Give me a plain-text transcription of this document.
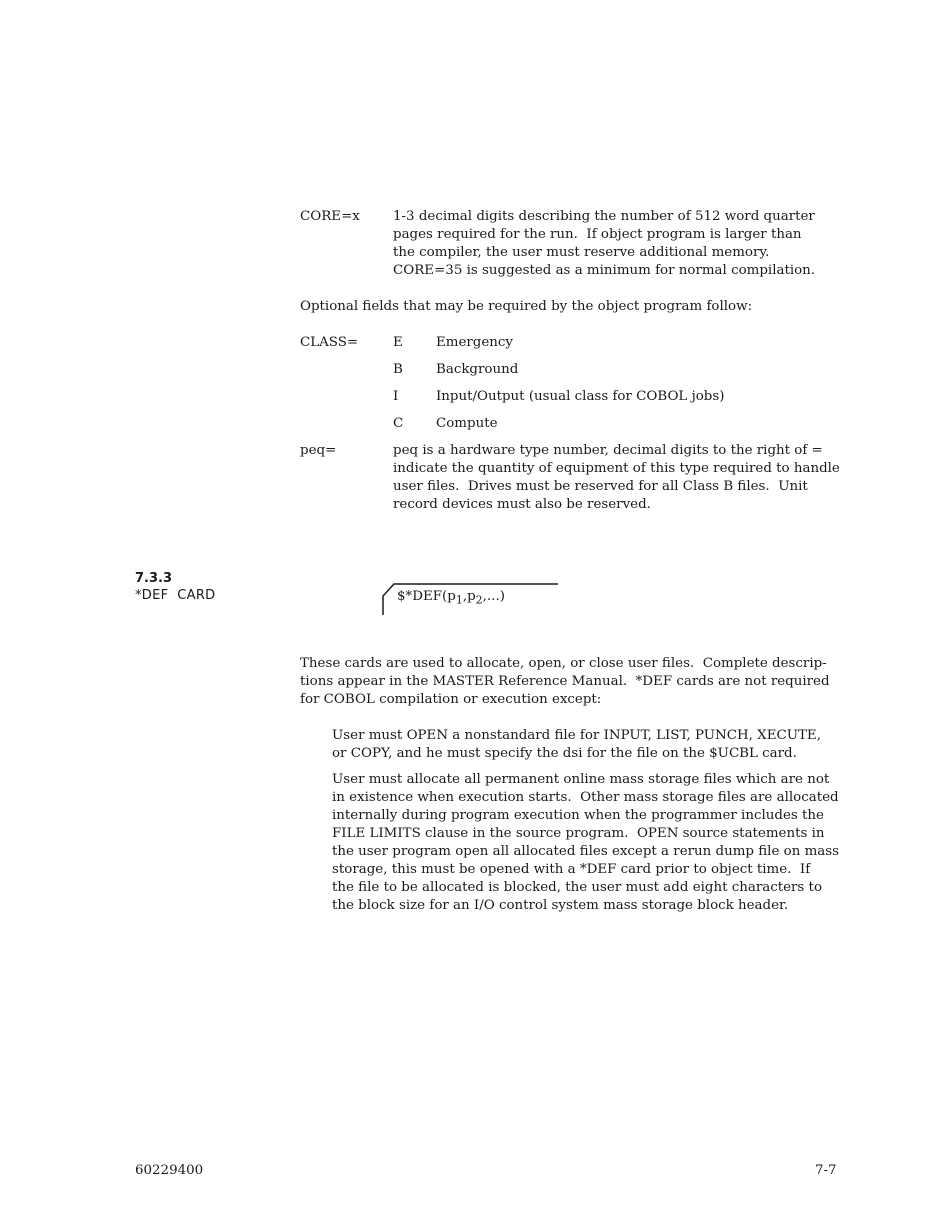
CORE=x 1-3 decimal digits describing the number of 512 word quarter
pages required for the run.  If object program is larger than
the compiler, the user must reserve additional memory.
CORE=35 is suggested as a minimum for normal compilation.
Optional fields that may be required by the object program follow:
CLASS=	E Emergency
B Background
I	Input/Output (usual class for COBOL jobs)
C Compute
peq=	peq is a hardware type number, decimal digits to the right of =
indicate the quantity of equipment of this type required to handle
user files.  Drives must be reserved for all Class B files.  Unit
record devices must also be reserved.
7.3.3
*DEF  CARD	$\$*DEF(p_1,p_2,...)$
These cards are used to allocate, open, or close user files.  Complete descrip-
tions appear in the MASTER Reference Manual.  *DEF cards are not required
for COBOL compilation or execution except:
User must OPEN a nonstandard file for INPUT, LIST, PUNCH, XECUTE,
or COPY, and he must specify the dsi for the file on the $UCBL card.
User must allocate all permanent online mass storage files which are not
in existence when execution starts.  Other mass storage files are allocated
internally during program execution when the programmer includes the
FILE LIMITS clause in the source program.  OPEN source statements in
the user program open all allocated files except a rerun dump file on mass
storage, this must be opened with a *DEF card prior to object time.  If
the file to be allocated is blocked, the user must add eight characters to
the block size for an I/O control system mass storage block header.
60229400	7-7
